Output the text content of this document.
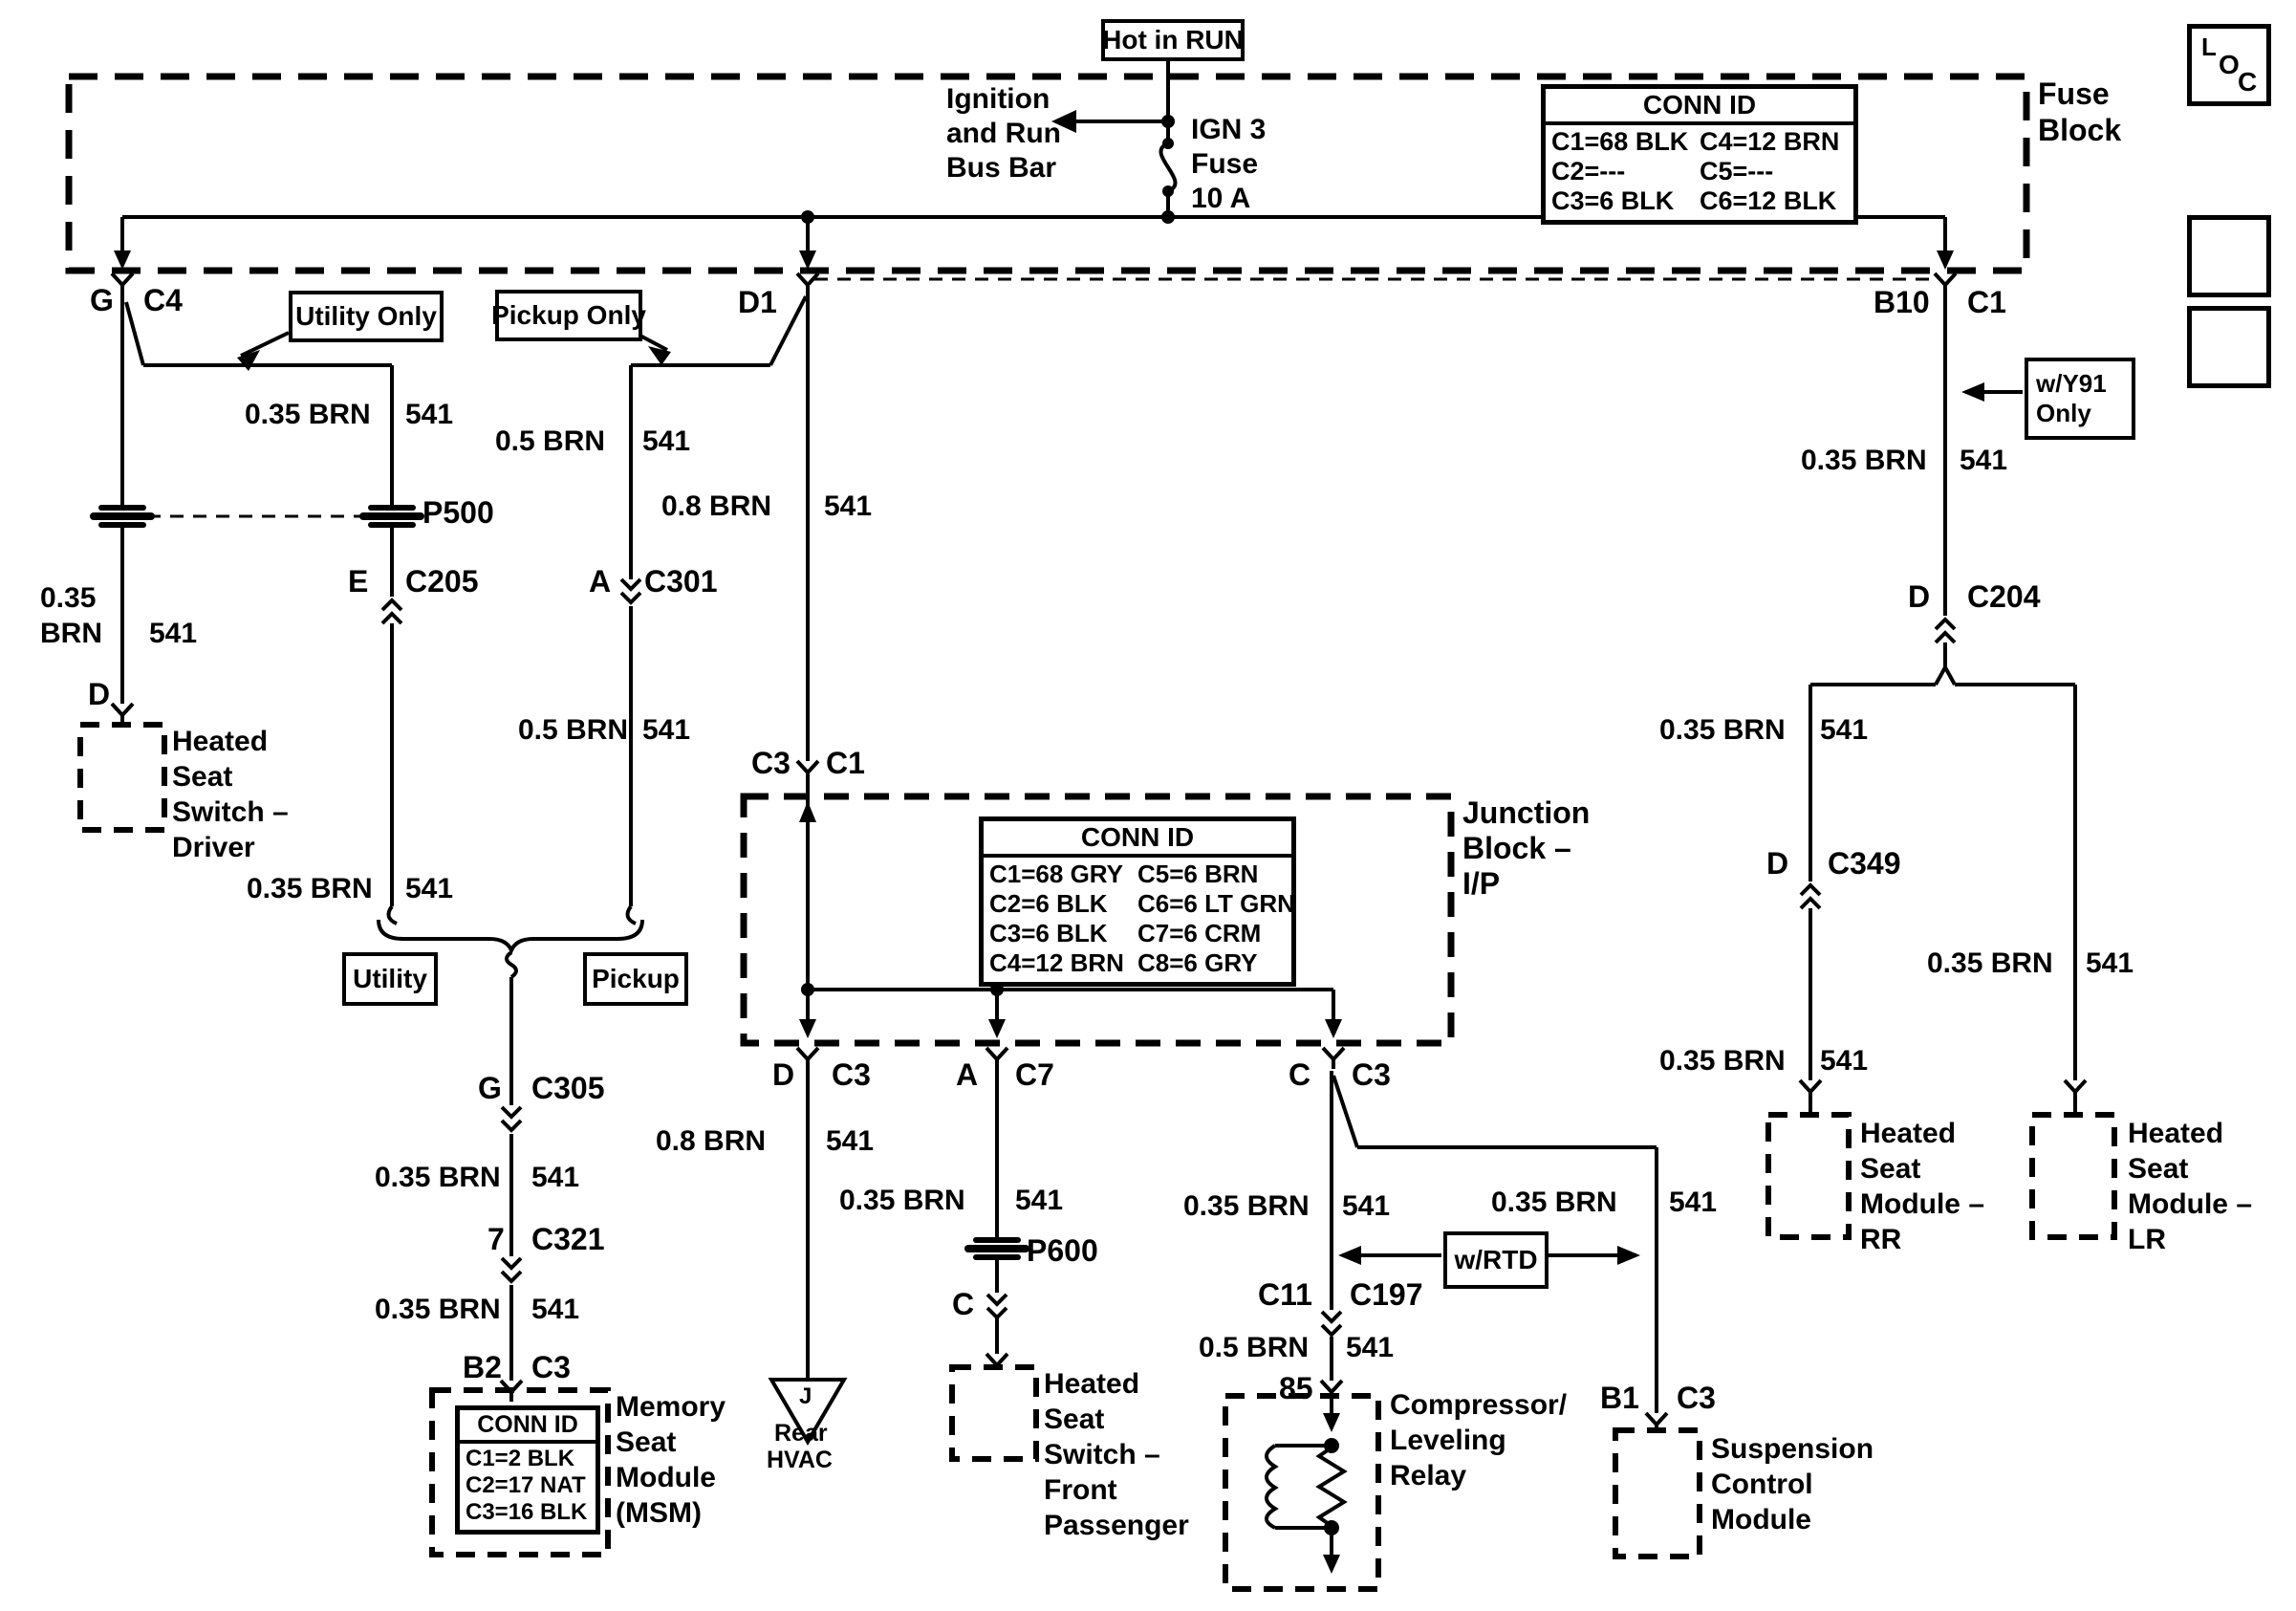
Hot in RUN
Utility Only Pickup Only
Utility	Pickup
w/RTD
w/Y91
Only
L
O
C
CONN ID
C1=68 BLK C4=12 BRN
C2=---	C5=---
C3=6 BLK C6=12 BLK
CONN ID
C1=68 GRY C5=6 BRN
C2=6 BLK	C6=6 LT GRN
C3=6 BLK	C7=6 CRM
C4=12 BRN C8=6 GRY
CONN ID
C1=2 BLK
C2=17 NAT
C3=16 BLK
Ignition
and Run
Bus Bar
IGN 3
Fuse
10 A
Fuse
Block
G C4	D1	B10 C1
0.35 BRN 541
P500
E C205
0.35
BRN 541
D
Heated
Seat
Switch –
Driver
0.35 BRN 541
0.5 BRN 541
A C301
0.5 BRN 541
0.8 BRN 541
G C305
0.35 BRN 541
7 C321
0.35 BRN 541
B2 C3
Memory
Seat
Module
(MSM)
C3 C1
Junction
Block –
I/P
D C3	A C7	C C3
0.8 BRN 541
J
Rear
HVAC
0.35 BRN 541
P600
C
Heated
Seat
Switch –
Front
Passenger
0.35 BRN 541	0.35 BRN 541
C11 C197
0.5 BRN 541
85	Compressor/
Leveling
Relay
B1 C3
Suspension
Control
Module
0.35 BRN 541
D C204
0.35 BRN 541
D C349
0.35 BRN 541
0.35 BRN 541
Heated
Seat
Module –
RR
Heated
Seat
Module –
LR
